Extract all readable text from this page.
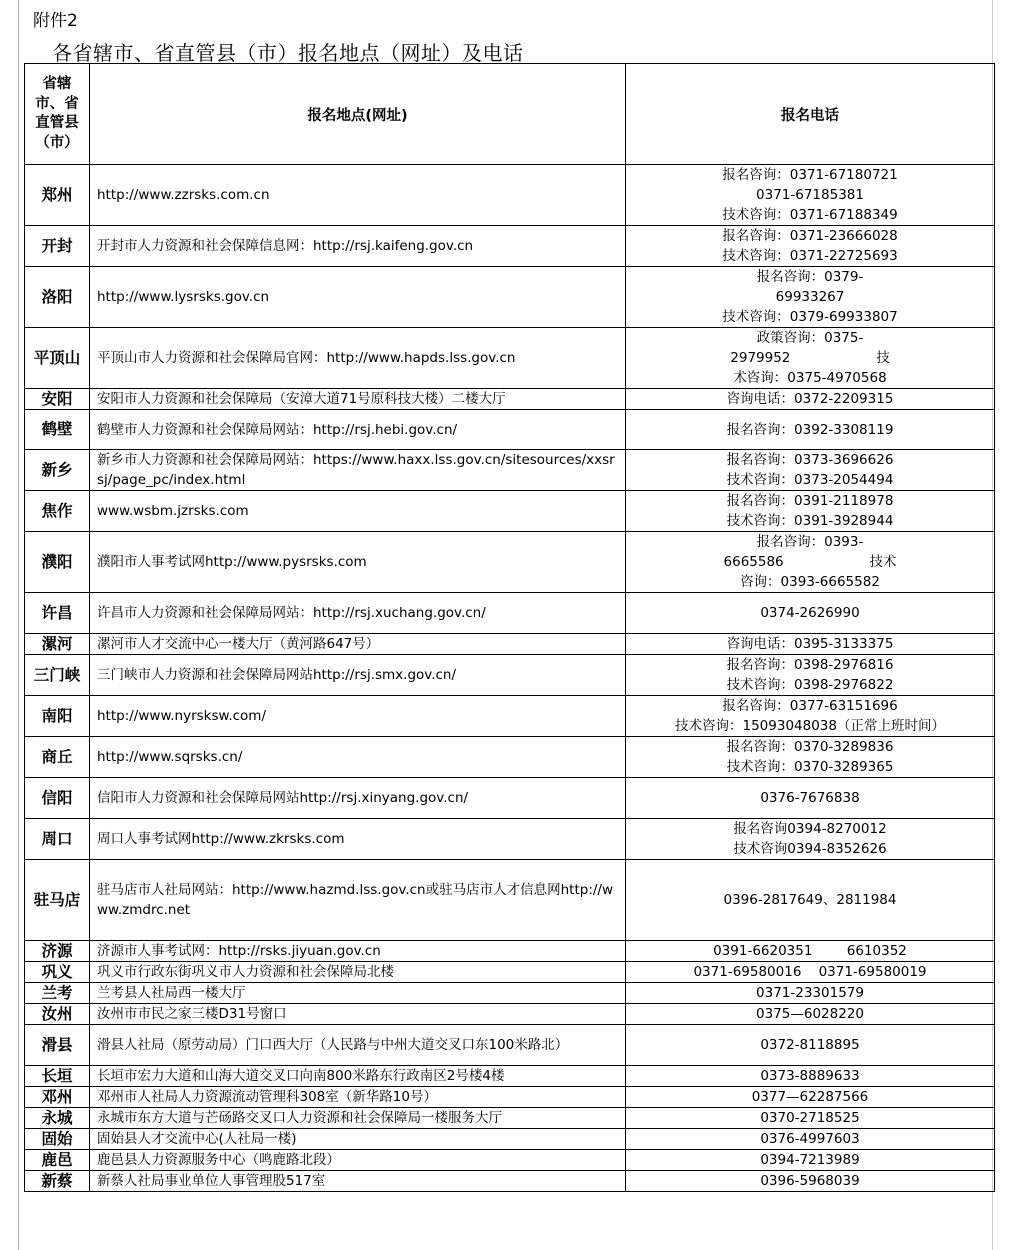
附件2
各省辖市、省直管县（市）报名地点（网址）及电话
省辖市、省直管县（市）	报名地点(网址)	报名电话
郑州	http://www.zzrsks.com.cn	报名咨询：0371-67180721
0371-67185381
技术咨询：0371-67188349

开封	开封市人力资源和社会保障信息网：http://rsj.kaifeng.gov.cn	报名咨询：0371-23666028
技术咨询：0371-22725693

洛阳	http://www.lysrsks.gov.cn	报名咨询：0379-
69933267
技术咨询：0379-69933807

平顶山	平顶山市人力资源和社会保障局官网：http://www.hapds.lss.gov.cn	政策咨询：0375-
2979952                    技
术咨询：0375-4970568

安阳	安阳市人力资源和社会保障局（安漳大道71号原科技大楼）二楼大厅	咨询电话：0372-2209315

鹤壁	鹤壁市人力资源和社会保障局网站：http://rsj.hebi.gov.cn/	报名咨询：0392-3308119

新乡	新乡市人力资源和社会保障局网站：https://www.haxx.lss.gov.cn/sitesources/xxsrsj/page_pc/index.html	报名咨询：0373-3696626
技术咨询：0373-2054494

焦作	www.wsbm.jzrsks.com	报名咨询：0391-2118978
技术咨询：0391-3928944

濮阳	濮阳市人事考试网http://www.pysrsks.com	报名咨询：0393-
6665586                    技术
咨询：0393-6665582

许昌	许昌市人力资源和社会保障局网站：http://rsj.xuchang.gov.cn/	0374-2626990

漯河	漯河市人才交流中心一楼大厅（黄河路647号）	咨询电话：0395-3133375

三门峡	三门峡市人力资源和社会保障局网站http://rsj.smx.gov.cn/	报名咨询：0398-2976816
技术咨询：0398-2976822

南阳	http://www.nyrsksw.com/	报名咨询：0377-63151696
技术咨询：15093048038（正常上班时间）

商丘	http://www.sqrsks.cn/	报名咨询：0370-3289836
技术咨询：0370-3289365

信阳	信阳市人力资源和社会保障局网站http://rsj.xinyang.gov.cn/	0376-7676838

周口	周口人事考试网http://www.zkrsks.com	报名咨询0394-8270012
技术咨询0394-8352626

驻马店	驻马店市人社局网站：http://www.hazmd.lss.gov.cn或驻马店市人才信息网http://www.zmdrc.net	0396-2817649、2811984

济源	济源市人事考试网：http://rsks.jiyuan.gov.cn	0391-6620351        6610352

巩义	巩义市行政东街巩义市人力资源和社会保障局北楼	0371-69580016    0371-69580019

兰考	兰考县人社局西一楼大厅	0371-23301579

汝州	汝州市市民之家三楼D31号窗口	0375—6028220

滑县	滑县人社局（原劳动局）门口西大厅（人民路与中州大道交叉口东100米路北）	0372-8118895

长垣	长垣市宏力大道和山海大道交叉口向南800米路东行政南区2号楼4楼	0373-8889633

邓州	邓州市人社局人力资源流动管理科308室（新华路10号）	0377—62287566

永城	永城市东方大道与芒砀路交叉口人力资源和社会保障局一楼服务大厅	0370-2718525

固始	固始县人才交流中心(人社局一楼)	0376-4997603

鹿邑	鹿邑县人力资源服务中心（鸣鹿路北段）	0394-7213989

新蔡	新蔡人社局事业单位人事管理股517室	0396-5968039
